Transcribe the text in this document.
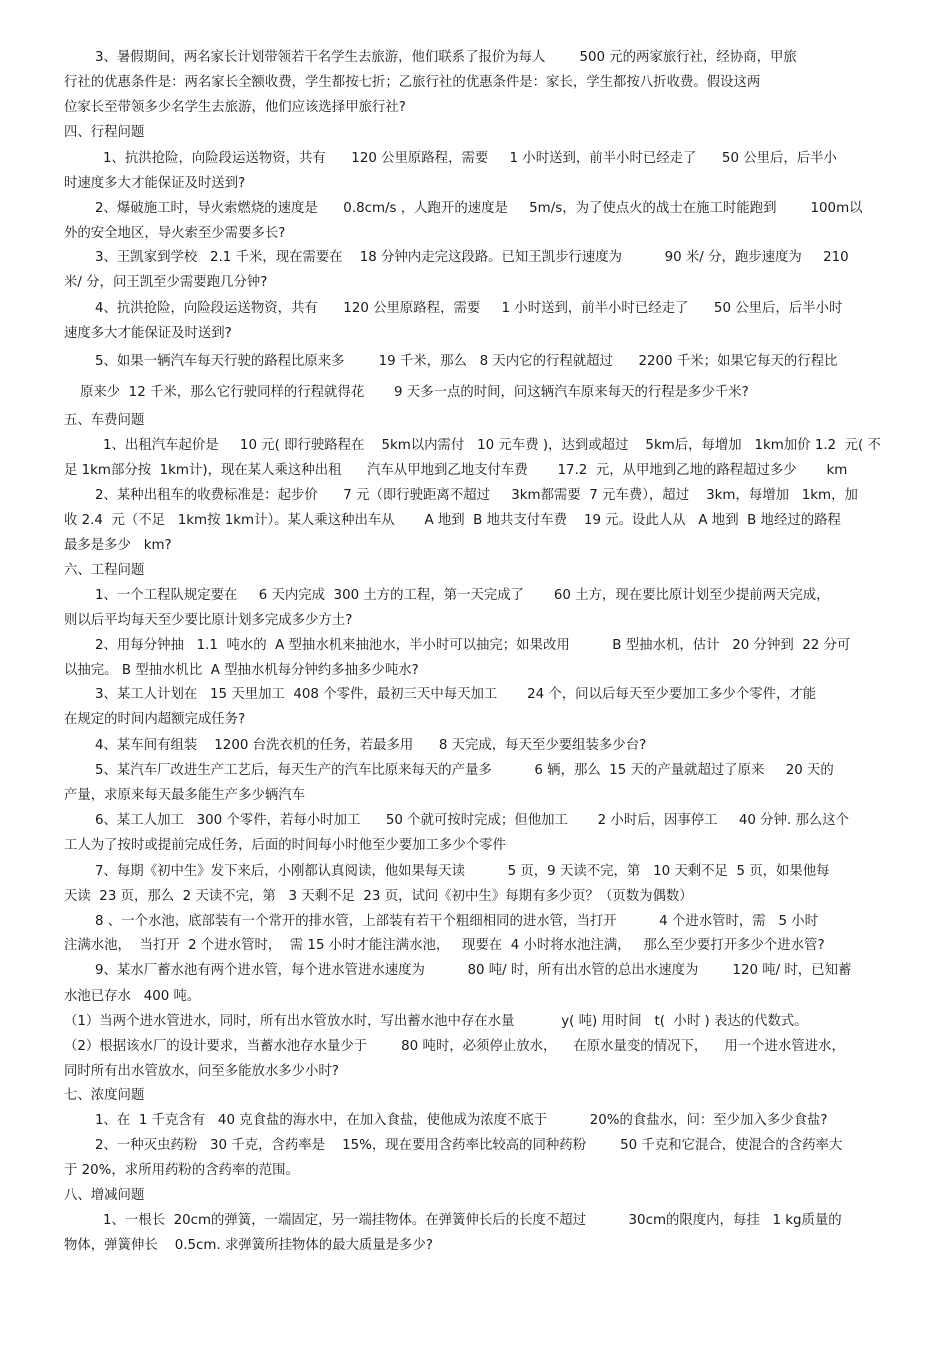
3、暑假期间，两名家长计划带领若干名学生去旅游，他们联系了报价为每人        500 元的两家旅行社，经协商，甲旅
行社的优惠条件是：两名家长全额收费，学生都按七折；乙旅行社的优惠条件是：家长，学生都按八折收费。假设这两
位家长至带领多少名学生去旅游，他们应该选择甲旅行社?
四、行程问题
1、抗洪抢险，向险段运送物资，共有      120 公里原路程，需要     1 小时送到，前半小时已经走了      50 公里后，后半小
时速度多大才能保证及时送到?
2、爆破施工时，导火索燃烧的速度是      0.8cm/s ，人跑开的速度是     5m/s，为了使点火的战士在施工时能跑到        100m以
外的安全地区，导火索至少需要多长?
3、王凯家到学校   2.1 千米，现在需要在    18 分钟内走完这段路。已知王凯步行速度为          90 米/ 分，跑步速度为     210
米/ 分，问王凯至少需要跑几分钟?
4、抗洪抢险，向险段运送物资，共有      120 公里原路程，需要     1 小时送到，前半小时已经走了      50 公里后，后半小时
速度多大才能保证及时送到?
5、如果一辆汽车每天行驶的路程比原来多        19 千米，那么   8 天内它的行程就超过      2200 千米；如果它每天的行程比
原来少  12 千米，那么它行驶同样的行程就得花       9 天多一点的时间，问这辆汽车原来每天的行程是多少千米?
五、车费问题
1、出租汽车起价是     10 元( 即行驶路程在    5km以内需付   10 元车费 )，达到或超过    5km后，每增加   1km加价 1.2  元( 不
足 1km部分按  1km计)，现在某人乘这种出租      汽车从甲地到乙地支付车费       17.2  元，从甲地到乙地的路程超过多少       km
2、某种出租车的收费标准是：起步价      7 元（即行驶距离不超过     3km都需要  7 元车费），超过    3km，每增加   1km，加
收 2.4  元（不足   1km按 1km计）。某人乘这种出车从       A 地到  B 地共支付车费    19 元。设此人从   A 地到  B 地经过的路程
最多是多少   km?
六、工程问题
1、一个工程队规定要在     6 天内完成  300 土方的工程，第一天完成了       60 土方，现在要比原计划至少提前两天完成，
则以后平均每天至少要比原计划多完成多少方土?
2、用每分钟抽   1.1  吨水的  A 型抽水机来抽池水，半小时可以抽完；如果改用          B 型抽水机，估计   20 分钟到  22 分可
以抽完。 B 型抽水机比  A 型抽水机每分钟约多抽多少吨水?
3、某工人计划在   15 天里加工  408 个零件，最初三天中每天加工       24 个，问以后每天至少要加工多少个零件，才能
在规定的时间内超额完成任务?
4、某车间有组装    1200 台洗衣机的任务，若最多用      8 天完成，每天至少要组装多少台?
5、某汽车厂改进生产工艺后，每天生产的汽车比原来每天的产量多          6 辆，那么  15 天的产量就超过了原来     20 天的
产量，求原来每天最多能生产多少辆汽车
6、某工人加工   300 个零件，若每小时加工      50 个就可按时完成；但他加工       2 小时后，因事停工     40 分钟. 那么这个
工人为了按时或提前完成任务，后面的时间每小时他至少要加工多少个零件
7、每期《初中生》发下来后，小刚都认真阅读，他如果每天读          5 页，9 天读不完，第   10 天剩不足  5 页，如果他每
天读  23 页，那么  2 天读不完，第   3 天剩不足  23 页，试问《初中生》每期有多少页？（页数为偶数）
8 、一个水池，底部装有一个常开的排水管，上部装有若干个粗细相同的进水管，当打开          4 个进水管时，需   5 小时
注满水池，  当打开  2 个进水管时，  需 15 小时才能注满水池，   现要在  4 小时将水池注满，   那么至少要打开多少个进水管?
9、某水厂蓄水池有两个进水管，每个进水管进水速度为          80 吨/ 时，所有出水管的总出水速度为        120 吨/ 时，已知蓄
水池已存水   400 吨。
（1）当两个进水管进水，同时，所有出水管放水时，写出蓄水池中存在水量           y( 吨) 用时间   t(  小时 ) 表达的代数式。
（2）根据该水厂的设计要求，当蓄水池存水量少于        80 吨时，必须停止放水，    在原水量变的情况下，    用一个进水管进水，
同时所有出水管放水，问至多能放水多少小时?
七、浓度问题
1、在  1 千克含有   40 克食盐的海水中，在加入食盐，使他成为浓度不底于          20%的食盐水，问：至少加入多少食盐?
2、一种灭虫药粉   30 千克，含药率是    15%，现在要用含药率比较高的同种药粉        50 千克和它混合，使混合的含药率大
于 20%，求所用药粉的含药率的范围。
八、增减问题
1、一根长  20cm的弹簧，一端固定，另一端挂物体。在弹簧伸长后的长度不超过          30cm的限度内，每挂   1 kg质量的
物体，弹簧伸长    0.5cm. 求弹簧所挂物体的最大质量是多少?
